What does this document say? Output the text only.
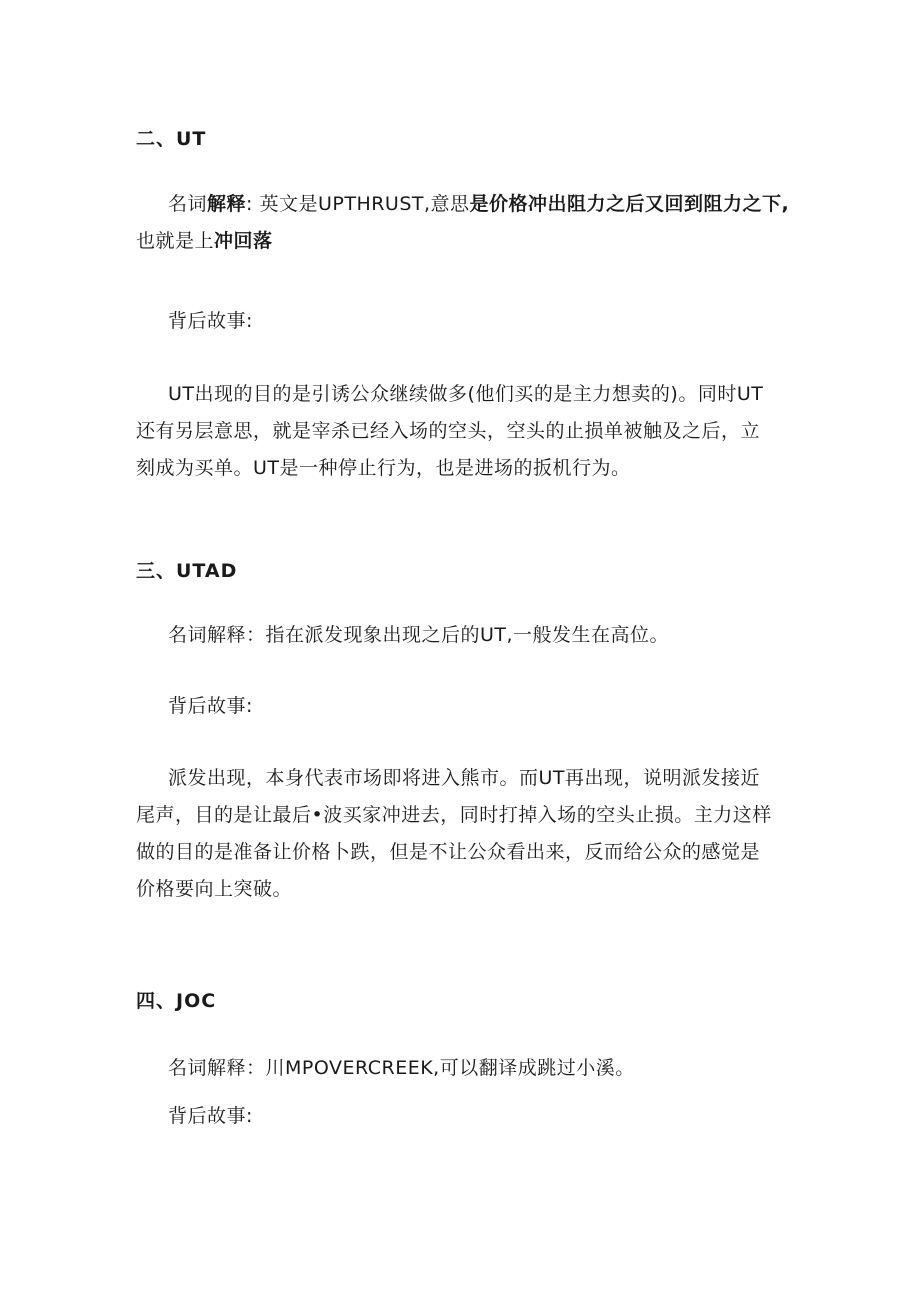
二、UT
名词解释: 英文是UPTHRUST,意思是价格冲出阻力之后又回到阻力之下,
也就是上冲回落
背后故事:
UT出现的目的是引诱公众继续做多(他们买的是主力想卖的)。同时UT
还有另层意思，就是宰杀已经入场的空头，空头的止损单被触及之后，立
刻成为买单。UT是一种停止行为，也是进场的扳机行为。
三、UTAD
名词解释：指在派发现象出现之后的UT,一般发生在高位。
背后故事:
派发出现，本身代表市场即将进入熊市。而UT再出现，说明派发接近
尾声，目的是让最后•波买家冲进去，同时打掉入场的空头止损。主力这样
做的目的是准备让价格卜跌，但是不让公众看出来，反而给公众的感觉是
价格要向上突破。
四、JOC
名词解释：川MPOVERCREEK,可以翻译成跳过小溪。
背后故事:
